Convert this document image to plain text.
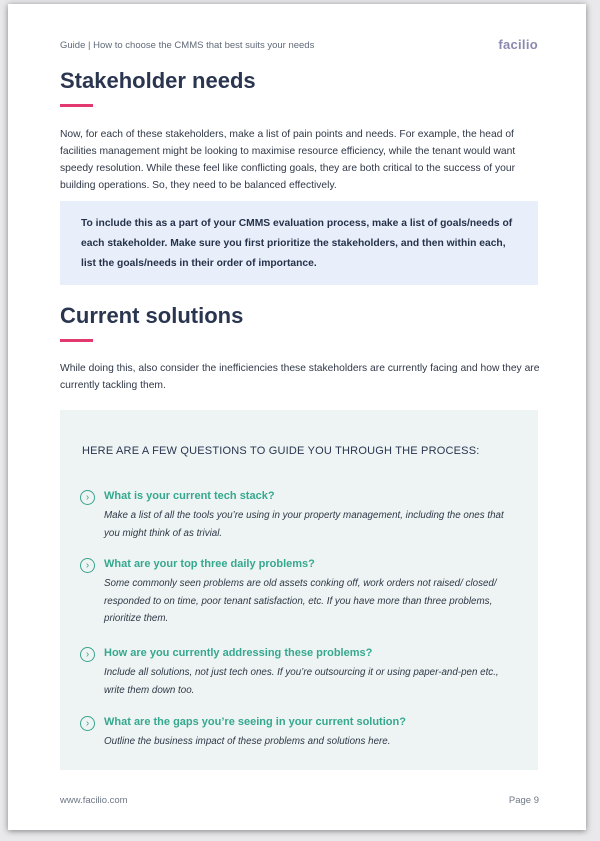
Guide | How to choose the CMMS that best suits your needs	facilio
Stakeholder needs

Now, for each of these stakeholders, make a list of pain points and needs. For example, the head of facilities management might be looking to maximise resource efficiency, while the tenant would want speedy resolution. While these feel like conflicting goals, they are both critical to the success of your building operations. So, they need to be balanced effectively.

To include this as a part of your CMMS evaluation process, make a list of goals/needs of each stakeholder. Make sure you first prioritize the stakeholders, and then within each, list the goals/needs in their order of importance.

Current solutions

While doing this, also consider the inefficiencies these stakeholders are currently facing and how they are currently tackling them.

HERE ARE A FEW QUESTIONS TO GUIDE YOU THROUGH THE PROCESS:
›	What is your current tech stack?

Make a list of all the tools you’re using in your property management, including the ones that you might think of as trivial.

›	What are your top three daily problems?

Some commonly seen problems are old assets conking off, work orders not raised/ closed/ responded to on time, poor tenant satisfaction, etc. If you have more than three problems, prioritize them.

›	How are you currently addressing these problems?

Include all solutions, not just tech ones. If you’re outsourcing it or using paper-and-pen etc., write them down too.

›	What are the gaps you’re seeing in your current solution?

Outline the business impact of these problems and solutions here.

www.facilio.com	Page 9
